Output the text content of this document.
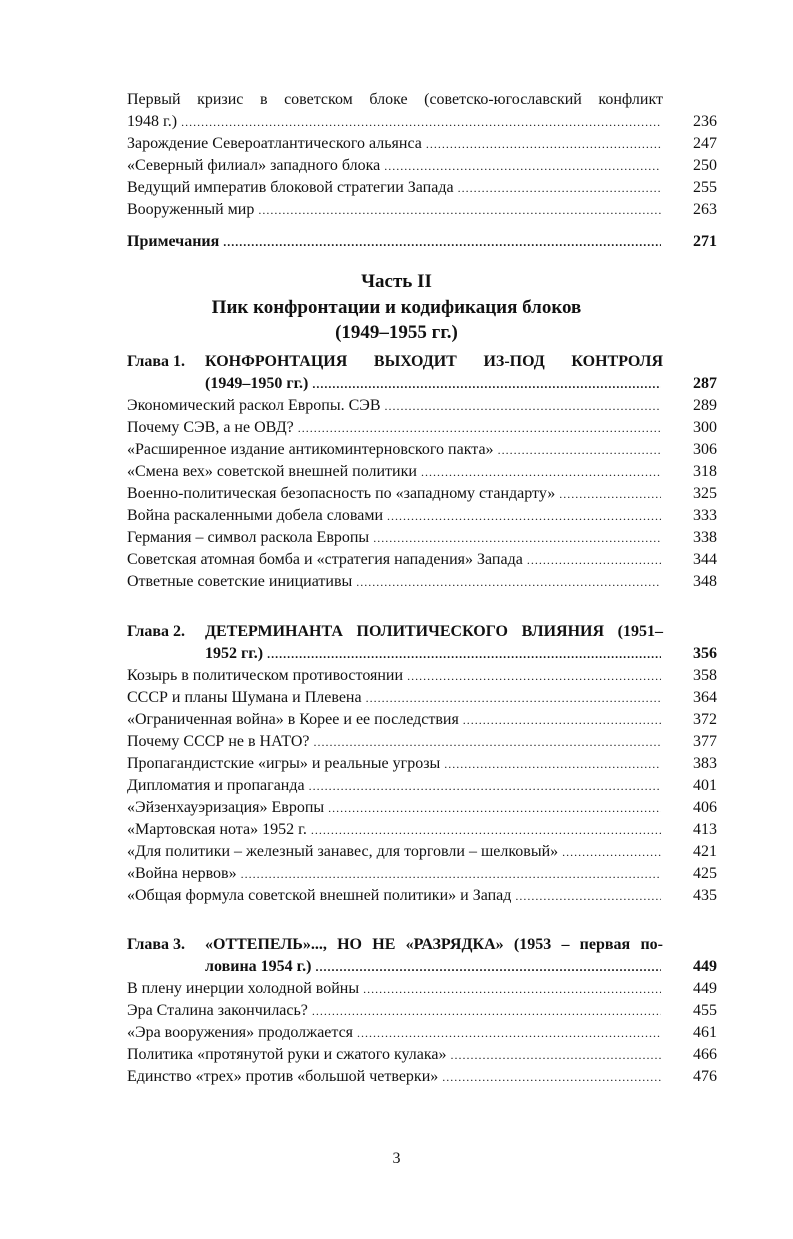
Первый кризис в советском блоке (советско-югославский конфликт
1948 г.) .....	236
Зарождение Североатлантического альянса .....	247
«Северный филиал» западного блока .....	250
Ведущий императив блоковой стратегии Запада .....	255
Вооруженный мир .....	263
Примечания .....	271
Часть II
Пик конфронтации и кодификация блоков
(1949–1955 гг.)
Глава 1.	КОНФРОНТАЦИЯ ВЫХОДИТ ИЗ-ПОД КОНТРОЛЯ
(1949–1950 гг.) .....	287
Экономический раскол Европы. СЭВ .....	289
Почему СЭВ, а не ОВД? .....	300
«Расширенное издание антикоминтерновского пакта» .....	306
«Смена вех» советской внешней политики .....	318
Военно-политическая безопасность по «западному стандарту» .....	325
Война раскаленными добела словами .....	333
Германия – символ раскола Европы .....	338
Советская атомная бомба и «стратегия нападения» Запада .....	344
Ответные советские инициативы .....	348
Глава 2.	ДЕТЕРМИНАНТА ПОЛИТИЧЕСКОГО ВЛИЯНИЯ (1951–
1952 гг.) .....	356
Козырь в политическом противостоянии .....	358
СССР и планы Шумана и Плевена .....	364
«Ограниченная война» в Корее и ее последствия .....	372
Почему СССР не в НАТО? .....	377
Пропагандистские «игры» и реальные угрозы .....	383
Дипломатия и пропаганда .....	401
«Эйзенхауэризация» Европы .....	406
«Мартовская нота» 1952 г. .....	413
«Для политики – железный занавес, для торговли – шелковый» .....	421
«Война нервов» .....	425
«Общая формула советской внешней политики» и Запад .....	435
Глава 3.	«ОТТЕПЕЛЬ»..., НО НЕ «РАЗРЯДКА» (1953 – первая по-
ловина 1954 г.) .....	449
В плену инерции холодной войны .....	449
Эра Сталина закончилась? .....	455
«Эра вооружения» продолжается .....	461
Политика «протянутой руки и сжатого кулака» .....	466
Единство «трех» против «большой четверки» .....	476
3
